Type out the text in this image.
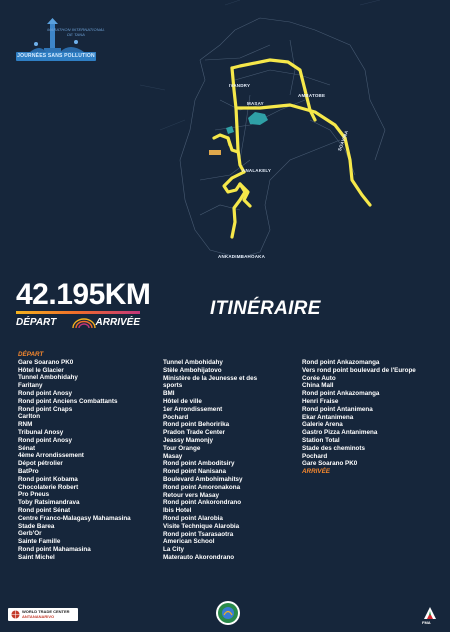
MARATHON INTERNATIONAL DE TANA
JOURNÉES SANS POLLUTION
IVANDRY
AMBATOBE
MASAY
SOAVINA
ANALAKELY
ANKADIMBAHOAKA
42.195KM
DÉPART	ARRIVÉE
ITINÉRAIRE
DÉPART
Gare Soarano PK0
Hôtel le Glacier
Tunnel Ambohidahy
Faritany
Rond point Anosy
Rond point Anciens Combattants
Rond point Cnaps
Carlton
RNM
Tribunal Anosy
Rond point Anosy
Sénat
4ème Arrondissement
Dépot pétrolier
BatPro
Rond point Kobama
Chocolaterie Robert
Pro Pneus
Toby Ratsimandrava
Rond point Sénat
Centre Franco-Malagasy Mahamasina
Stade Barea
Gerb'Or
Sainte Famille
Rond point Mahamasina
Saint Michel
Tunnel Ambohidahy
Stèle Ambohijatovo
Ministère de la Jeunesse et des sports
BMI
Hôtel de ville
1er Arrondissement
Pochard
Rond point Behoririka
Pradon Trade Center
Jeassy Mamonjy
Tour Orange
Masay
Rond point Amboditsiry
Rond point Nanisana
Boulevard Ambohimahitsy
Rond point Amoronakona
Retour vers Masay
Rond point Ankorondrano
Ibis Hotel
Rond point Alarobia
Visite Technique Alarobia
Rond point Tsarasaotra
American School
La City
Materauto Akorondrano
Rond point Ankazomanga
Vers rond point boulevard de l'Europe
Corée Auto
China Mall
Rond point Ankazomanga
Henri Fraise
Rond point Antanimena
Ekar Antanimena
Galerie Arena
Gastro Pizza Antanimena
Station Total
Stade des cheminots
Pochard
Gare Soarano PK0
ARRIVÉE
WORLD TRADE CENTER
ANTANANARIVO
FMA
